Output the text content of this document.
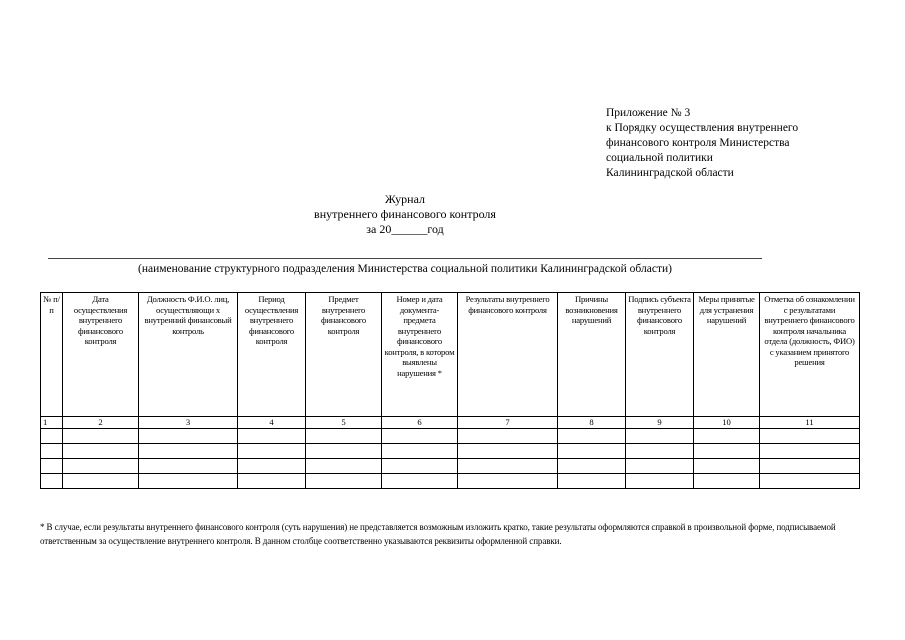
Приложение № 3
к Порядку осуществления внутреннего
финансового контроля Министерства
социальной политики
Калининградской области
Журнал
внутреннего финансового контроля
за 20______год
(наименование структурного подразделения Министерства социальной политики Калининградской области)
№ п/п	Дата осуществления внутреннего финансового контроля	Должность Ф.И.О. лиц, осуществляющи х внутренний финансовый контроль	Период осуществления внутреннего финансового контроля	Предмет внутреннего финансового контроля	Номер и дата документа-предмета внутреннего финансового контроля, в котором выявлены нарушения *	Результаты внутреннего финансового контроля	Причины возникновения нарушений	Подпись субъекта внутреннего финансового контроля	Меры принятые для устранения нарушений	Отметка об ознакомлении с результатами внутреннего финансового контроля начальника отдела (должность, ФИО) с указанием принятого решения
1	2	3	4	5	6	7	8	9	10	11

* В случае, если результаты внутреннего финансового контроля (суть нарушения) не представляется возможным изложить кратко, такие результаты оформляются справкой в произвольной форме, подписываемой ответственным за осуществление внутреннего контроля. В данном столбце соответственно указываются реквизиты оформленной справки.
